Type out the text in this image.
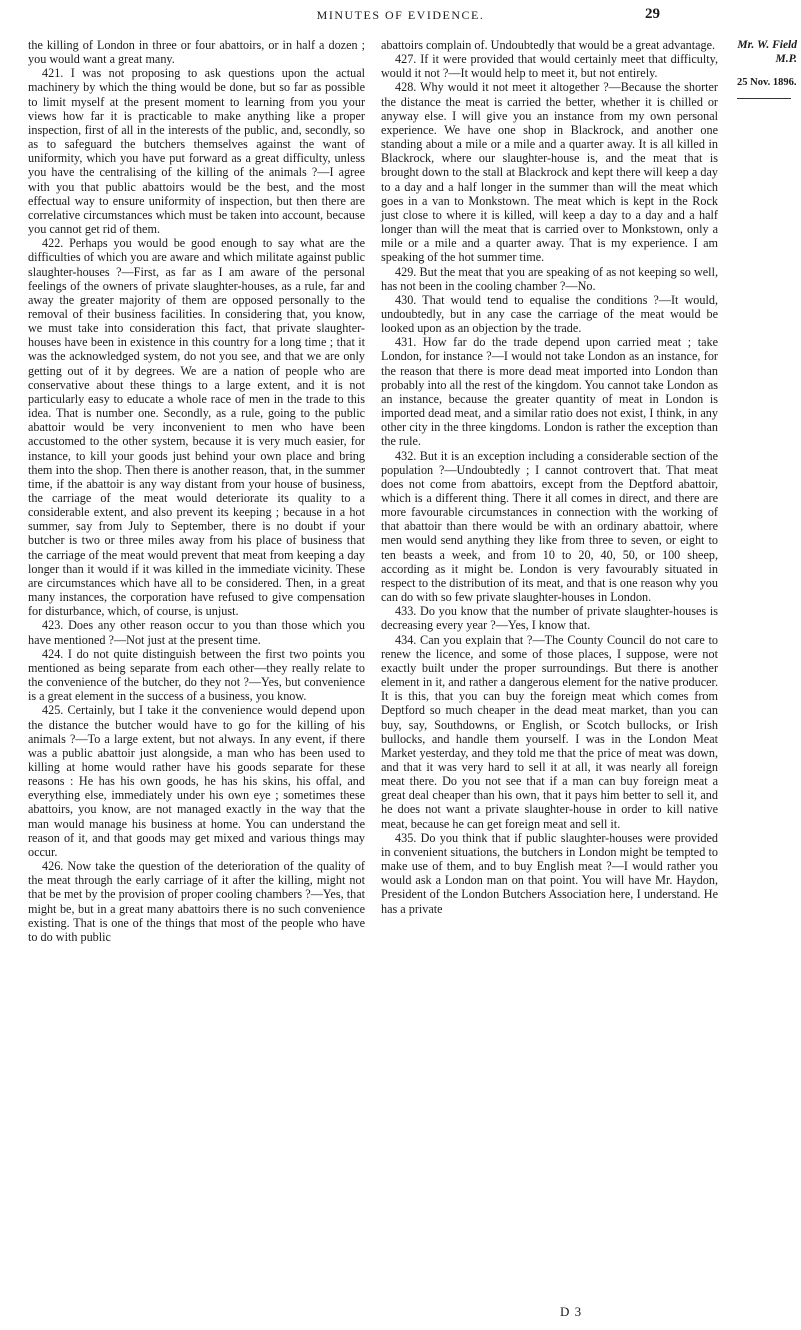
MINUTES OF EVIDENCE.	29

the killing of London in three or four abattoirs, or in half a dozen ; you would want a great many.

421. I was not proposing to ask questions upon the actual machinery by which the thing would be done, but so far as possible to limit myself at the present moment to learning from you your views how far it is practicable to make anything like a proper inspection, first of all in the interests of the public, and, secondly, so as to safeguard the butchers themselves against the want of uniformity, which you have put forward as a great difficulty, unless you have the centralising of the killing of the animals ?—I agree with you that public abattoirs would be the best, and the most effectual way to ensure uniformity of inspection, but then there are correlative circumstances which must be taken into account, because you cannot get rid of them.

422. Perhaps you would be good enough to say what are the difficulties of which you are aware and which militate against public slaughter-houses ?—First, as far as I am aware of the personal feelings of the owners of private slaughter-houses, as a rule, far and away the greater majority of them are opposed personally to the removal of their business facilities. In considering that, you know, we must take into consideration this fact, that private slaughter-houses have been in existence in this country for a long time ; that it was the acknowledged system, do not you see, and that we are only getting out of it by degrees. We are a nation of people who are conservative about these things to a large extent, and it is not particularly easy to educate a whole race of men in the trade to this idea. That is number one. Secondly, as a rule, going to the public abattoir would be very inconvenient to men who have been accustomed to the other system, because it is very much easier, for instance, to kill your goods just behind your own place and bring them into the shop. Then there is another reason, that, in the summer time, if the abattoir is any way distant from your house of business, the carriage of the meat would deteriorate its quality to a considerable extent, and also prevent its keeping ; because in a hot summer, say from July to September, there is no doubt if your butcher is two or three miles away from his place of business that the carriage of the meat would prevent that meat from keeping a day longer than it would if it was killed in the immediate vicinity. These are circumstances which have all to be considered. Then, in a great many instances, the corporation have refused to give compensation for disturbance, which, of course, is unjust.

423. Does any other reason occur to you than those which you have mentioned ?—Not just at the present time.

424. I do not quite distinguish between the first two points you mentioned as being separate from each other—they really relate to the convenience of the butcher, do they not ?—Yes, but convenience is a great element in the success of a business, you know.

425. Certainly, but I take it the convenience would depend upon the distance the butcher would have to go for the killing of his animals ?—To a large extent, but not always. In any event, if there was a public abattoir just alongside, a man who has been used to killing at home would rather have his goods separate for these reasons : He has his own goods, he has his skins, his offal, and everything else, immediately under his own eye ; sometimes these abattoirs, you know, are not managed exactly in the way that the man would manage his business at home. You can understand the reason of it, and that goods may get mixed and various things may occur.

426. Now take the question of the deterioration of the quality of the meat through the early carriage of it after the killing, might not that be met by the provision of proper cooling chambers ?—Yes, that might be, but in a great many abattoirs there is no such convenience existing. That is one of the things that most of the people who have to do with public

abattoirs complain of. Undoubtedly that would be a great advantage.

427. If it were provided that would certainly meet that difficulty, would it not ?—It would help to meet it, but not entirely.

428. Why would it not meet it altogether ?—Because the shorter the distance the meat is carried the better, whether it is chilled or anyway else. I will give you an instance from my own personal experience. We have one shop in Blackrock, and another one standing about a mile or a mile and a quarter away. It is all killed in Blackrock, where our slaughter-house is, and the meat that is brought down to the stall at Blackrock and kept there will keep a day to a day and a half longer in the summer than will the meat which goes in a van to Monkstown. The meat which is kept in the Rock just close to where it is killed, will keep a day to a day and a half longer than will the meat that is carried over to Monkstown, only a mile or a mile and a quarter away. That is my experience. I am speaking of the hot summer time.

429. But the meat that you are speaking of as not keeping so well, has not been in the cooling chamber ?—No.

430. That would tend to equalise the conditions ?—It would, undoubtedly, but in any case the carriage of the meat would be looked upon as an objection by the trade.

431. How far do the trade depend upon carried meat ; take London, for instance ?—I would not take London as an instance, for the reason that there is more dead meat imported into London than probably into all the rest of the kingdom. You cannot take London as an instance, because the greater quantity of meat in London is imported dead meat, and a similar ratio does not exist, I think, in any other city in the three kingdoms. London is rather the exception than the rule.

432. But it is an exception including a considerable section of the population ?—Undoubtedly ; I cannot controvert that. That meat does not come from abattoirs, except from the Deptford abattoir, which is a different thing. There it all comes in direct, and there are more favourable circumstances in connection with the working of that abattoir than there would be with an ordinary abattoir, where men would send anything they like from three to seven, or eight to ten beasts a week, and from 10 to 20, 40, 50, or 100 sheep, according as it might be. London is very favourably situated in respect to the distribution of its meat, and that is one reason why you can do with so few private slaughter-houses in London.

433. Do you know that the number of private slaughter-houses is decreasing every year ?—Yes, I know that.

434. Can you explain that ?—The County Council do not care to renew the licence, and some of those places, I suppose, were not exactly built under the proper surroundings. But there is another element in it, and rather a dangerous element for the native producer. It is this, that you can buy the foreign meat which comes from Deptford so much cheaper in the dead meat market, than you can buy, say, Southdowns, or English, or Scotch bullocks, or Irish bullocks, and handle them yourself. I was in the London Meat Market yesterday, and they told me that the price of meat was down, and that it was very hard to sell it at all, it was nearly all foreign meat there. Do you not see that if a man can buy foreign meat a great deal cheaper than his own, that it pays him better to sell it, and he does not want a private slaughter-house in order to kill native meat, because he can get foreign meat and sell it.

435. Do you think that if public slaughter-houses were provided in convenient situations, the butchers in London might be tempted to make use of them, and to buy English meat ?—I would rather you would ask a London man on that point. You will have Mr. Haydon, President of the London Butchers Association here, I understand. He has a private

Mr. W. Field M.P.
25 Nov. 1896.
D 3
